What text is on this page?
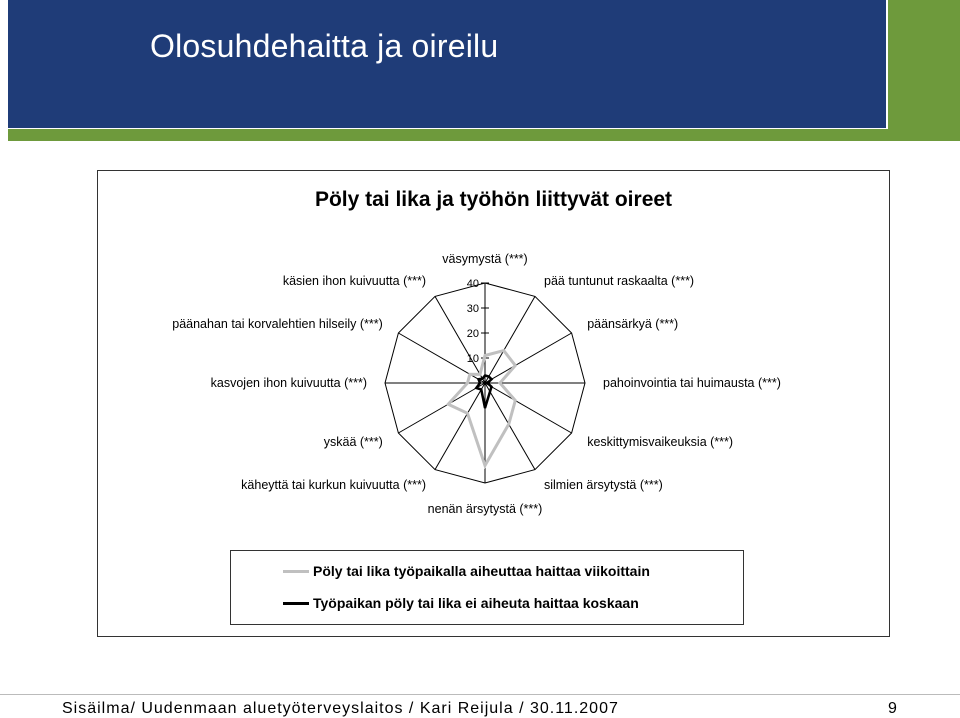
Olosuhdehaitta ja oireilu
Pöly tai lika ja työhön liittyvät oireet
10
20
30
40
väsymystä (***)
pää tuntunut raskaalta (***)
päänsärkyä (***)
pahoinvointia tai huimausta (***)
keskittymisvaikeuksia (***)
silmien ärsytystä (***)
nenän ärsytystä (***)
käheyttä tai kurkun kuivuutta (***)
yskää (***)
kasvojen ihon kuivuutta (***)
päänahan tai korvalehtien hilseily (***)
käsien ihon kuivuutta (***)
Pöly tai lika työpaikalla aiheuttaa haittaa viikoittain
Työpaikan pöly tai lika ei aiheuta haittaa koskaan
Sisäilma/ Uudenmaan aluetyöterveyslaitos / Kari Reijula / 30.11.2007	9
